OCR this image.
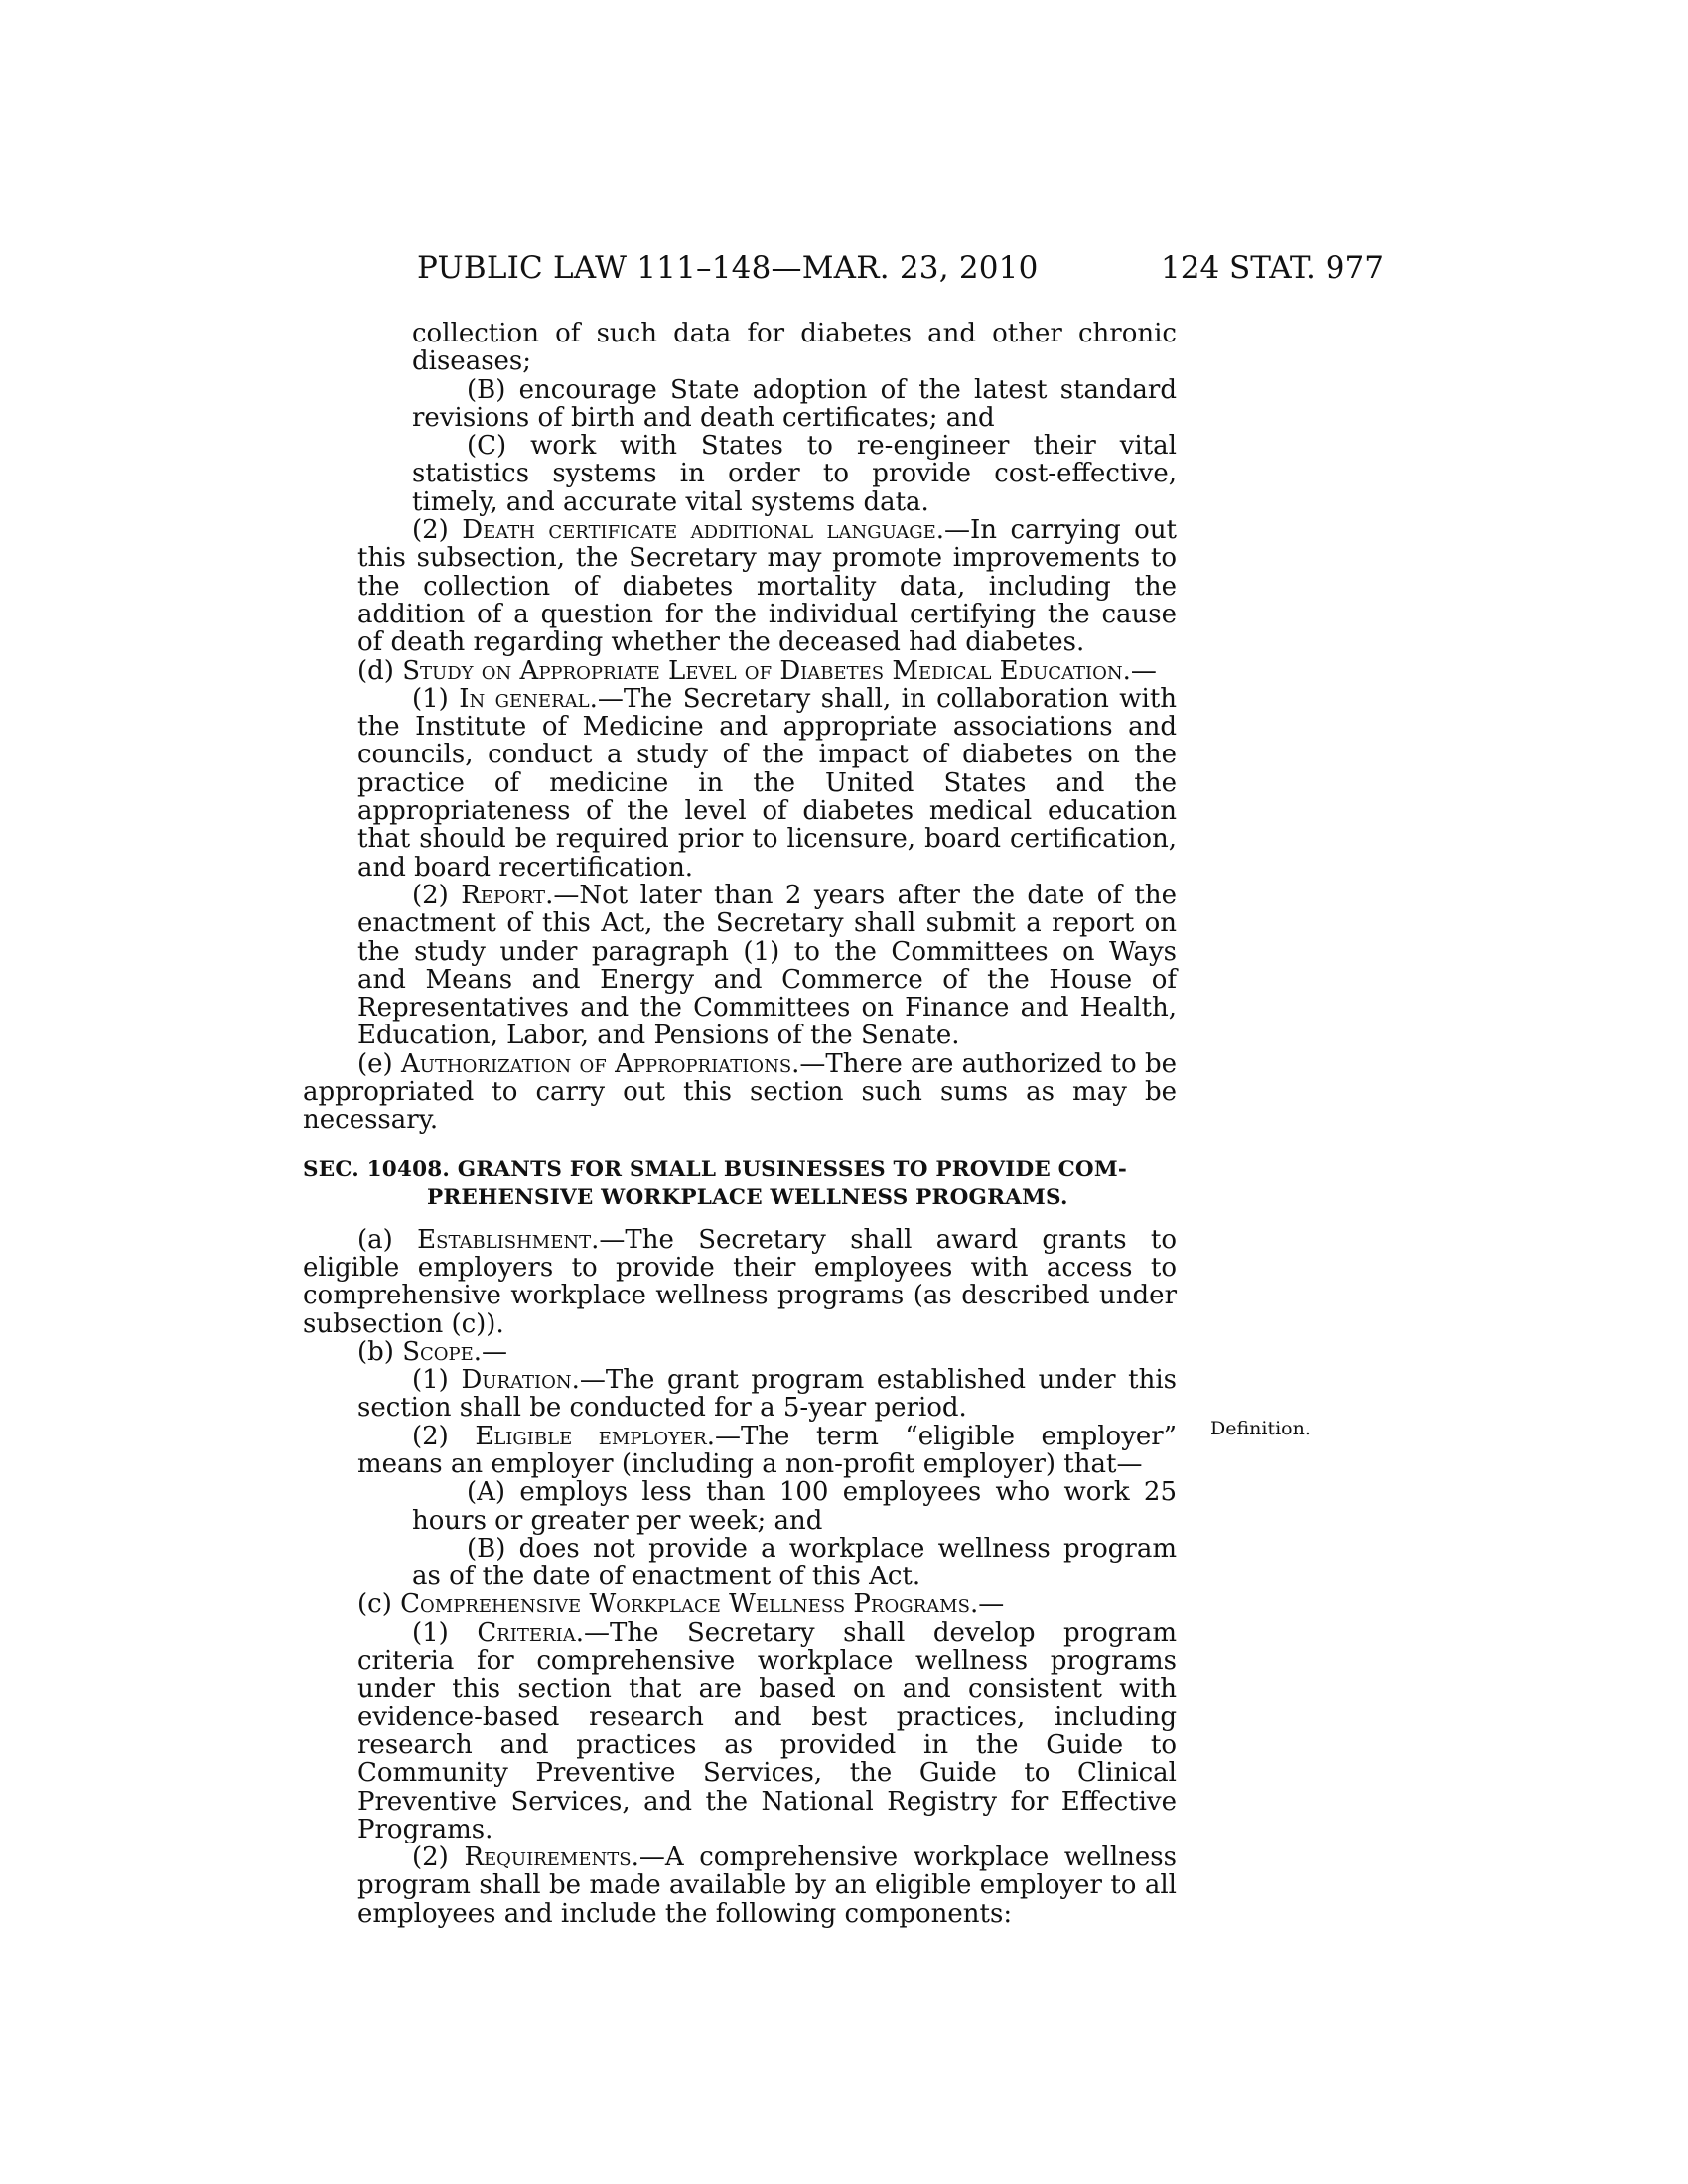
PUBLIC LAW 111–148—MAR. 23, 2010	124 STAT. 977
Definition.

collection of such data for diabetes and other chronic diseases;

(B) encourage State adoption of the latest standard revisions of birth and death certificates; and

(C) work with States to re-engineer their vital statistics systems in order to provide cost-effective, timely, and accurate vital systems data.

(2) Death certificate additional language.—In carrying out this subsection, the Secretary may promote improvements to the collection of diabetes mortality data, including the addition of a question for the individual certifying the cause of death regarding whether the deceased had diabetes.

(d) Study on Appropriate Level of Diabetes Medical Education.—

(1) In general.—The Secretary shall, in collaboration with the Institute of Medicine and appropriate associations and councils, conduct a study of the impact of diabetes on the practice of medicine in the United States and the appropriateness of the level of diabetes medical education that should be required prior to licensure, board certification, and board recertification.

(2) Report.—Not later than 2 years after the date of the enactment of this Act, the Secretary shall submit a report on the study under paragraph (1) to the Committees on Ways and Means and Energy and Commerce of the House of Representatives and the Committees on Finance and Health, Education, Labor, and Pensions of the Senate.

(e) Authorization of Appropriations.—There are authorized to be appropriated to carry out this section such sums as may be necessary.

SEC. 10408. GRANTS FOR SMALL BUSINESSES TO PROVIDE COM-
PREHENSIVE WORKPLACE WELLNESS PROGRAMS.

(a) Establishment.—The Secretary shall award grants to eligible employers to provide their employees with access to comprehensive workplace wellness programs (as described under subsection (c)).

(b) Scope.—

(1) Duration.—The grant program established under this section shall be conducted for a 5-year period.

(2) Eligible employer.—The term “eligible employer” means an employer (including a non-profit employer) that—

(A) employs less than 100 employees who work 25 hours or greater per week; and

(B) does not provide a workplace wellness program as of the date of enactment of this Act.

(c) Comprehensive Workplace Wellness Programs.—

(1) Criteria.—The Secretary shall develop program criteria for comprehensive workplace wellness programs under this section that are based on and consistent with evidence-based research and best practices, including research and practices as provided in the Guide to Community Preventive Services, the Guide to Clinical Preventive Services, and the National Registry for Effective Programs.

(2) Requirements.—A comprehensive workplace wellness program shall be made available by an eligible employer to all employees and include the following components:
